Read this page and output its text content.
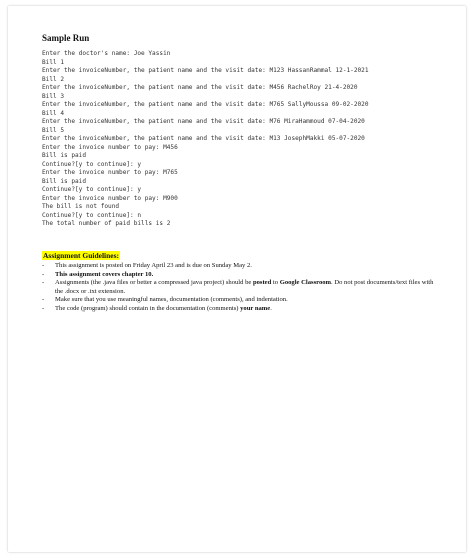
Sample Run
Enter the doctor's name: Joe Yassin
Bill 1
Enter the invoiceNumber, the patient name and the visit date: M123 HassanRammal 12-1-2021
Bill 2
Enter the invoiceNumber, the patient name and the visit date: M456 RachelRoy 21-4-2020
Bill 3
Enter the invoiceNumber, the patient name and the visit date: M765 SallyMoussa 09-02-2020
Bill 4
Enter the invoiceNumber, the patient name and the visit date: M76 MiraHammoud 07-04-2020
Bill 5
Enter the invoiceNumber, the patient name and the visit date: M13 JosephMakki 05-07-2020
Enter the invoice number to pay: M456
Bill is paid
Continue?[y to continue]: y
Enter the invoice number to pay: M765
Bill is paid
Continue?[y to continue]: y
Enter the invoice number to pay: M900
The bill is not found
Continue?[y to continue]: n
The total number of paid bills is 2
Assignment Guidelines:
- This assignment is posted on Friday April 23 and is due on Sunday May 2.
- This assignment covers chapter 10.
- Assignments (the .java files or better a compressed java project) should be posted to Google Classroom. Do not post documents/text files with the .docx or .txt extension.
- Make sure that you use meaningful names, documentation (comments), and indentation.
- The code (program) should contain in the documentation (comments) your name.
